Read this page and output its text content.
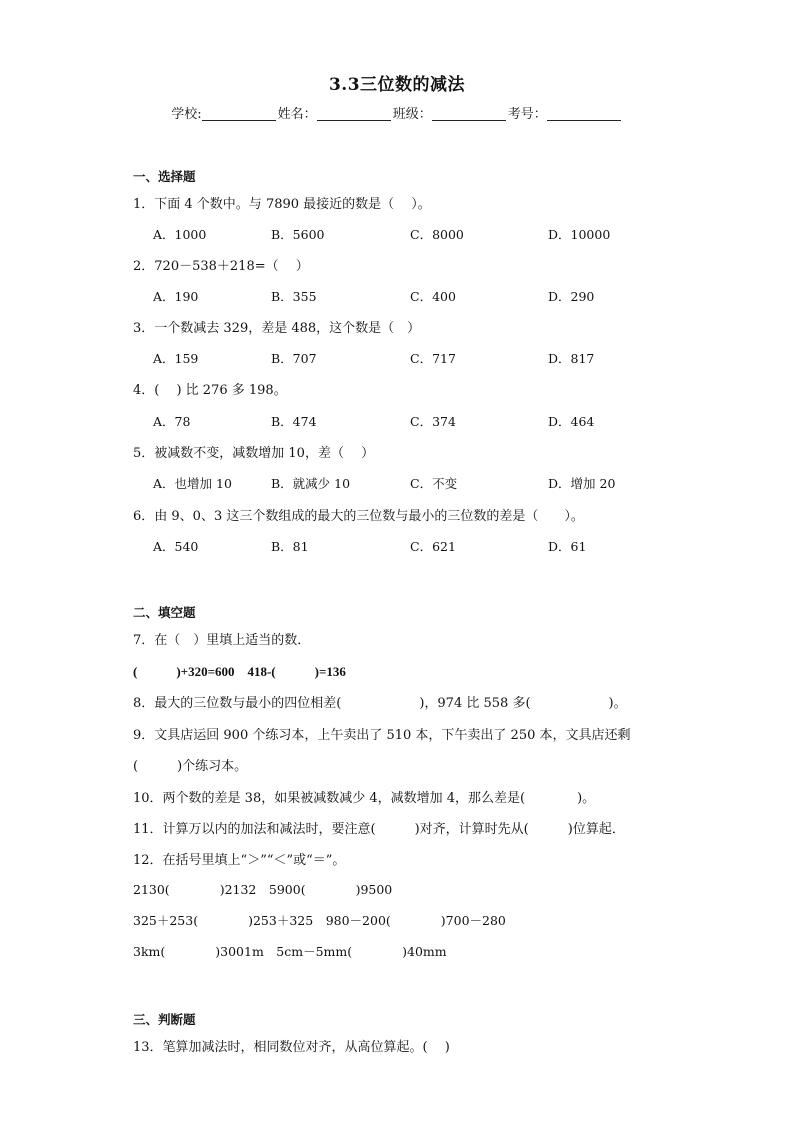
3.3三位数的减法
学校:	姓名：	班级：	考号：
一、选择题
1．下面 4 个数中。与 7890 最接近的数是（　 ）。
A．1000	B．5600	C．8000	D．10000
2．720－538＋218=（　 ）
A．190	B．355	C．400	D．290
3．一个数减去 329，差是 488，这个数是（　）
A．159	B．707	C．717	D．817
4．(　 ) 比 276 多 198。
A．78	B．474	C．374	D．464
5．被减数不变，减数增加 10，差（　 ）
A．也增加 10	B．就减少 10	C．不变	D．增加 20
6．由 9、0、3 这三个数组成的最大的三位数与最小的三位数的差是（　　）。
A．540	B．81	C．621	D．61
二、填空题
7．在（　）里填上适当的数．
(　　　)+320=600　418-(　　　)=136
8．最大的三位数与最小的四位相差(　　　　　　)，974 比 558 多(　　　　　　)。
9．文具店运回 900 个练习本，上午卖出了 510 本，下午卖出了 250 本，文具店还剩
(　　　)个练习本。
10．两个数的差是 38，如果被减数减少 4，减数增加 4，那么差是(　　　　)。
11．计算万以内的加法和减法时，要注意(　　　)对齐，计算时先从(　　　)位算起．
12．在括号里填上“＞”“＜”或“＝”。
2130(　　　　)2132　5900(　　　　)9500
325＋253(　　　　)253＋325　980－200(　　　　)700－280
3km(　　　　)3001m　5cm－5mm(　　　　)40mm
三、判断题
13．笔算加减法时，相同数位对齐，从高位算起。(　 )
